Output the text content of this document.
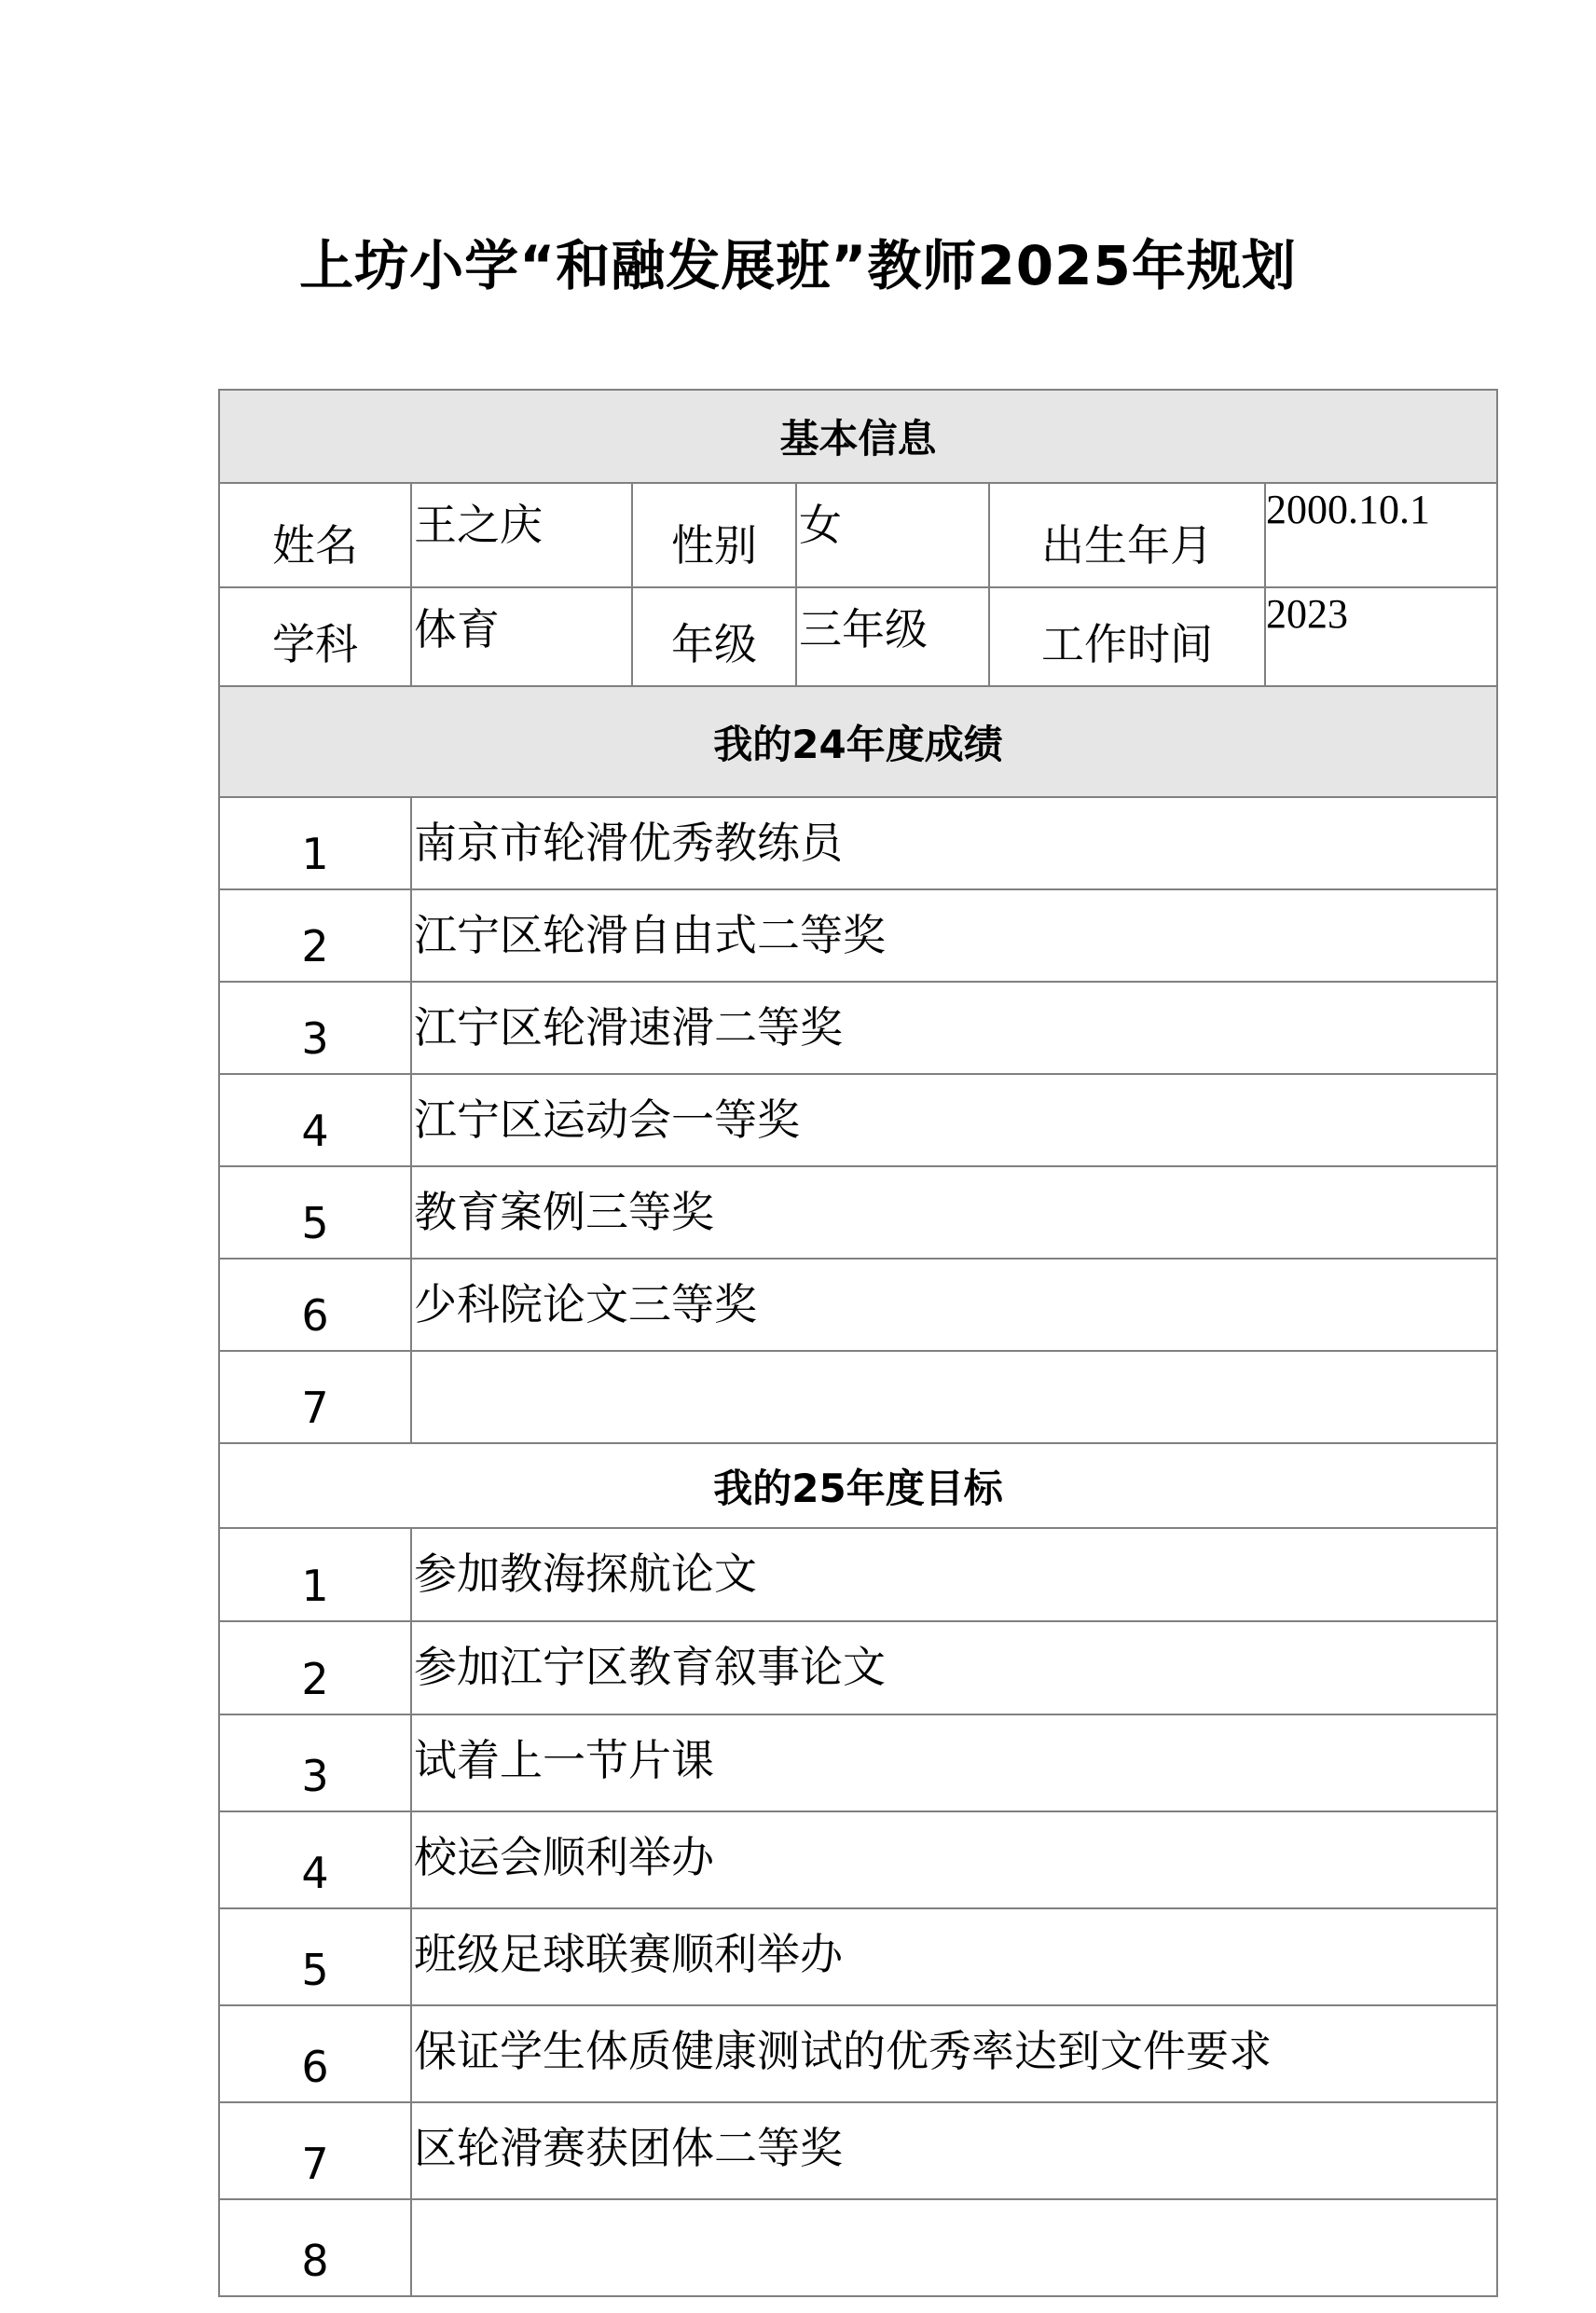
上坊小学“和融发展班”教师2025年规划
基本信息					
姓名	王之庆	性别	女	出生年月	2000.10.1
学科	体育	年级	三年级	工作时间	2023
我的24年度成绩					
1	南京市轮滑优秀教练员				
2	江宁区轮滑自由式二等奖				
3	江宁区轮滑速滑二等奖				
4	江宁区运动会一等奖				
5	教育案例三等奖				
6	少科院论文三等奖				
7					
我的25年度目标					
1	参加教海探航论文				
2	参加江宁区教育叙事论文				
3	试着上一节片课				
4	校运会顺利举办				
5	班级足球联赛顺利举办				
6	保证学生体质健康测试的优秀率达到文件要求				
7	区轮滑赛获团体二等奖				
8					
